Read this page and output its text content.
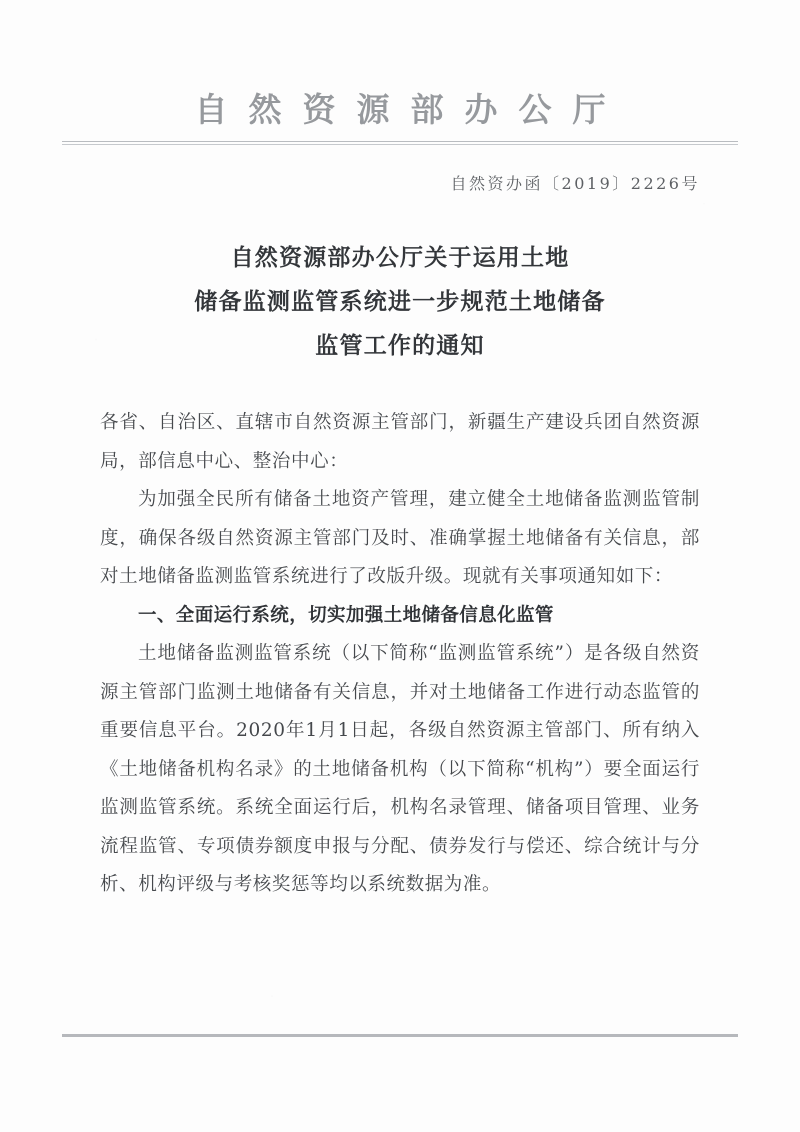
自然资源部办公厅
自然资办函〔2019〕2226号
自然资源部办公厅关于运用土地
储备监测监管系统进一步规范土地储备
监管工作的通知

各省、自治区、直辖市自然资源主管部门，新疆生产建设兵团自然资源局，部信息中心、整治中心：

为加强全民所有储备土地资产管理，建立健全土地储备监测监管制度，确保各级自然资源主管部门及时、准确掌握土地储备有关信息，部对土地储备监测监管系统进行了改版升级。现就有关事项通知如下：

一、全面运行系统，切实加强土地储备信息化监管

土地储备监测监管系统（以下简称“监测监管系统”）是各级自然资源主管部门监测土地储备有关信息，并对土地储备工作进行动态监管的重要信息平台。2020年1月1日起，各级自然资源主管部门、所有纳入《土地储备机构名录》的土地储备机构（以下简称“机构”）要全面运行监测监管系统。系统全面运行后，机构名录管理、储备项目管理、业务流程监管、专项债券额度申报与分配、债券发行与偿还、综合统计与分析、机构评级与考核奖惩等均以系统数据为准。
